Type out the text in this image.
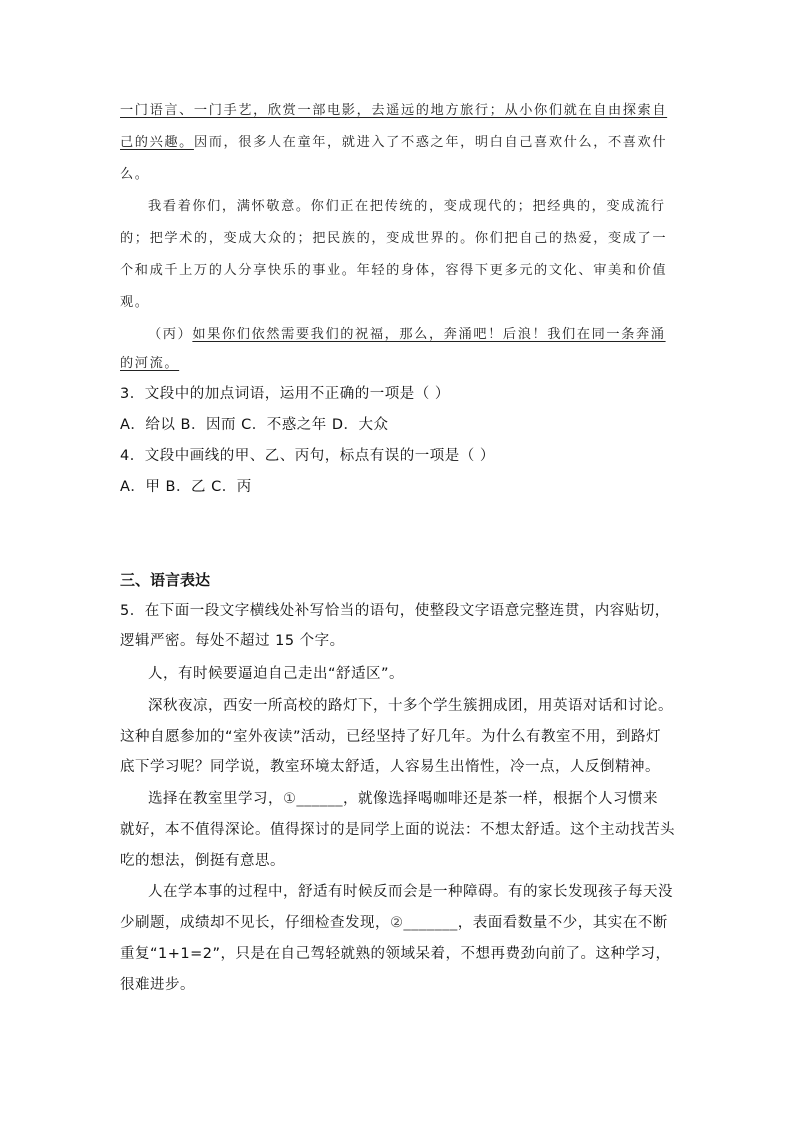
一门语言、一门手艺，欣赏一部电影，去遥远的地方旅行；从小你们就在自由探索自
己的兴趣。因而，很多人在童年，就进入了不惑之年，明白自己喜欢什么，不喜欢什
么。
我看着你们，满怀敬意。你们正在把传统的，变成现代的；把经典的，变成流行
的；把学术的，变成大众的；把民族的，变成世界的。你们把自己的热爱，变成了一
个和成千上万的人分享快乐的事业。年轻的身体，容得下更多元的文化、审美和价值
观。
（丙）如果你们依然需要我们的祝福，那么，奔涌吧！后浪！我们在同一条奔涌
的河流。
3．文段中的加点词语，运用不正确的一项是（ ）
A．给以 B．因而 C．不惑之年 D．大众
4．文段中画线的甲、乙、丙句，标点有误的一项是（ ）
A．甲 B．乙 C．丙
三、语言表达
5．在下面一段文字横线处补写恰当的语句，使整段文字语意完整连贯，内容贴切，
逻辑严密。每处不超过 15 个字。
人，有时候要逼迫自己走出“舒适区”。
深秋夜凉，西安一所高校的路灯下，十多个学生簇拥成团，用英语对话和讨论。
这种自愿参加的“室外夜读”活动，已经坚持了好几年。为什么有教室不用，到路灯
底下学习呢？同学说，教室环境太舒适，人容易生出惰性，冷一点，人反倒精神。
选择在教室里学习，①______，就像选择喝咖啡还是茶一样，根据个人习惯来
就好，本不值得深论。值得探讨的是同学上面的说法：不想太舒适。这个主动找苦头
吃的想法，倒挺有意思。
人在学本事的过程中，舒适有时候反而会是一种障碍。有的家长发现孩子每天没
少刷题，成绩却不见长，仔细检查发现，②_______，表面看数量不少，其实在不断
重复“1+1=2”，只是在自己驾轻就熟的领域呆着，不想再费劲向前了。这种学习，
很难进步。
